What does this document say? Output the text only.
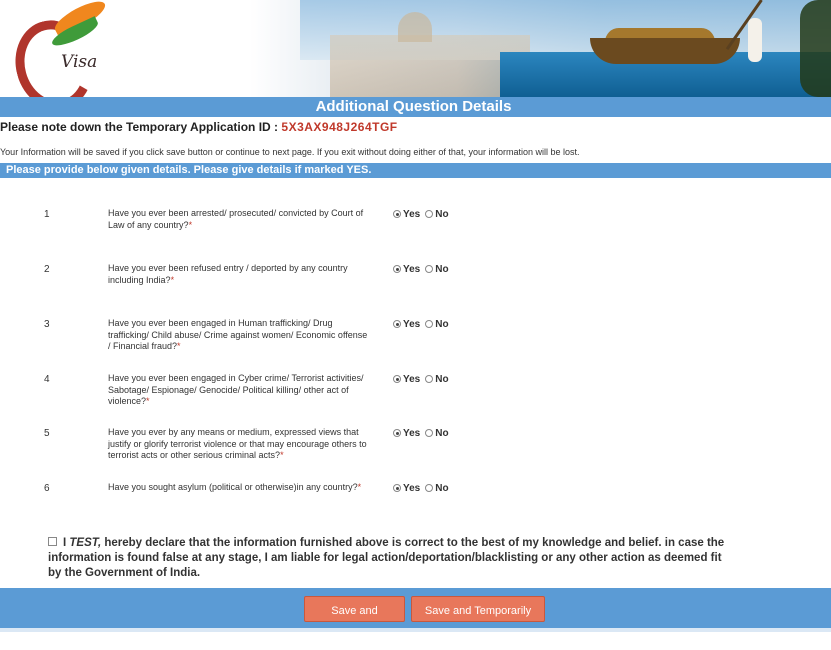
Visa
Additional Question Details
Please note down the Temporary Application ID : 5X3AX948J264TGF
Your Information will be saved if you click save button or continue to next page. If you exit without doing either of that, your information will be lost.
Please provide below given details. Please give details if marked YES.
1	Have you ever been arrested/ prosecuted/ convicted by Court of Law of any country?*
Yes No
2	Have you ever been refused entry / deported by any country including India?*
Yes No
3	Have you ever been engaged in Human trafficking/ Drug trafficking/ Child abuse/ Crime against women/ Economic offense / Financial fraud?*
Yes No
4	Have you ever been engaged in Cyber crime/ Terrorist activities/ Sabotage/ Espionage/ Genocide/ Political killing/ other act of violence?*
Yes No
5	Have you ever by any means or medium, expressed views that justify or glorify terrorist violence or that may encourage others to terrorist acts or other serious criminal acts?*
Yes No
6	Have you sought asylum (political or otherwise)in any country?*	Yes No
I TEST, hereby declare that the information furnished above is correct to the best of my knowledge and belief. in case the information is found false at any stage, I am liable for legal action/deportation/blacklisting or any other action as deemed fit by the Government of India.
Save and Continue
Save and Temporarily Exit
